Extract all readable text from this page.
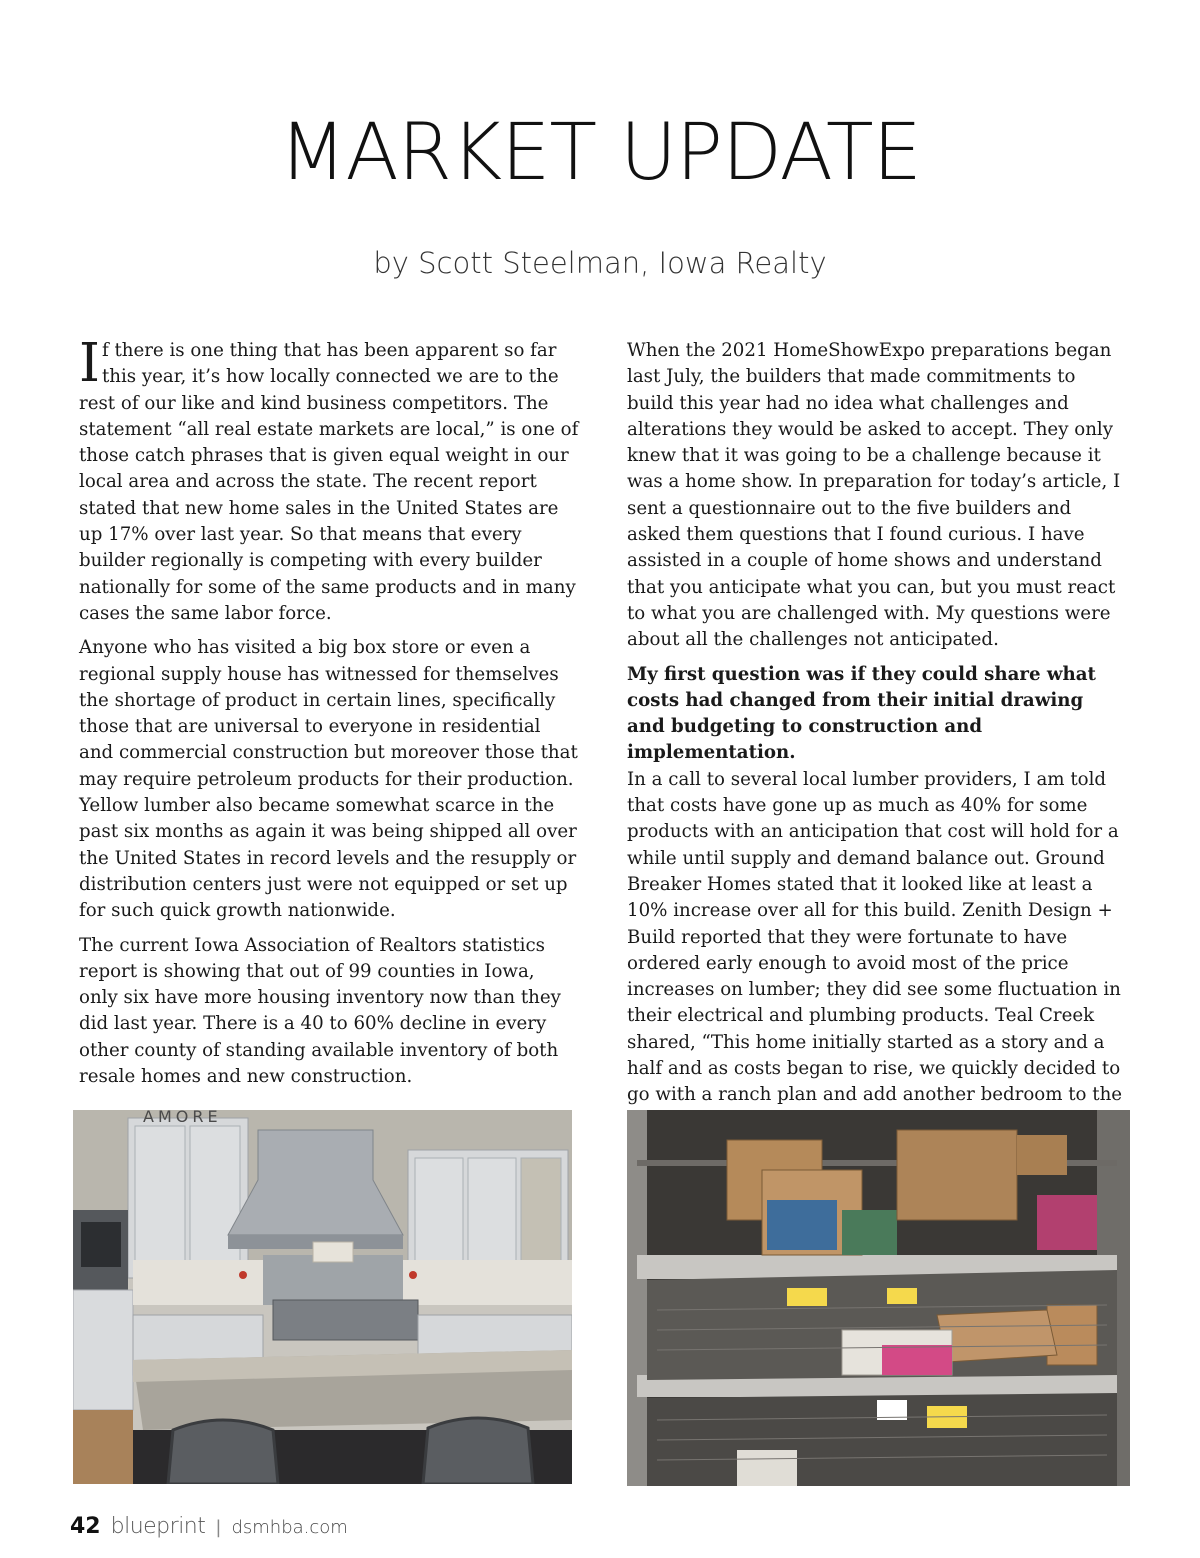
MARKET UPDATE
by Scott Steelman, Iowa Realty

If there is one thing that has been apparent so far this year, it’s how locally connected we are to the rest of our like and kind business competitors. The statement “all real estate markets are local,” is one of those catch phrases that is given equal weight in our local area and across the state. The recent report stated that new home sales in the United States are up 17% over last year. So that means that every builder regionally is competing with every builder nationally for some of the same products and in many cases the same labor force.

Anyone who has visited a big box store or even a regional supply house has witnessed for themselves the shortage of product in certain lines, specifically those that are universal to everyone in residential and commercial construction but moreover those that may require petroleum products for their production. Yellow lumber also became somewhat scarce in the past six months as again it was being shipped all over the United States in record levels and the resupply or distribution centers just were not equipped or set up for such quick growth nationwide.

The current Iowa Association of Realtors statistics report is showing that out of 99 counties in Iowa, only six have more housing inventory now than they did last year. There is a 40 to 60% decline in every other county of standing available inventory of both resale homes and new construction.

When the 2021 HomeShowExpo preparations began last July, the builders that made commitments to build this year had no idea what challenges and alterations they would be asked to accept. They only knew that it was going to be a challenge because it was a home show. In preparation for today’s article, I sent a questionnaire out to the five builders and asked them questions that I found curious. I have assisted in a couple of home shows and understand that you anticipate what you can, but you must react to what you are challenged with. My questions were about all the challenges not anticipated.

My first question was if they could share what costs had changed from their initial drawing and budgeting to construction and implementation.
In a call to several local lumber providers, I am told that costs have gone up as much as 40% for some products with an anticipation that cost will hold for a while until supply and demand balance out. Ground Breaker Homes stated that it looked like at least a 10% increase over all for this build. Zenith Design + Build reported that they were fortunate to have ordered early enough to avoid most of the price increases on lumber; they did see some fluctuation in their electrical and plumbing products. Teal Creek shared, “This home initially started as a story and a half and as costs began to rise, we quickly decided to go with a ranch plan and add another bedroom to the

AMORE
42 blueprint | dsmhba.com
